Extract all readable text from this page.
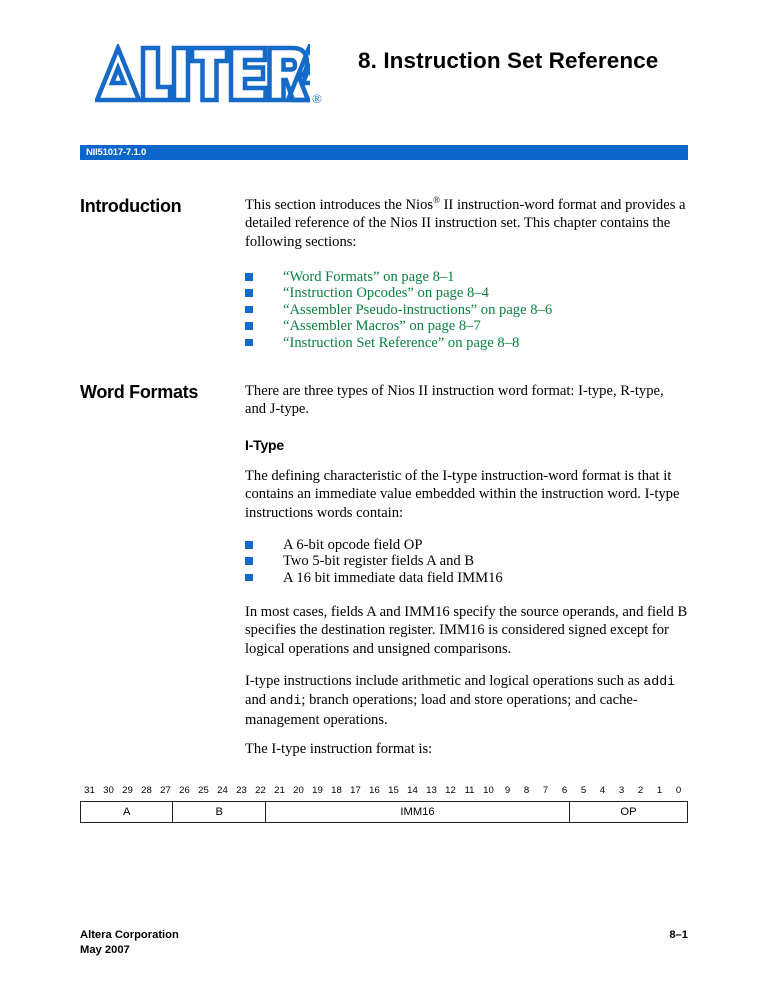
®
8. Instruction Set Reference
NII51017-7.1.0
Introduction	This section introduces the Nios® II instruction-word format and provides a detailed reference of the Nios II instruction set. This chapter contains the following sections:

“Word Formats” on page 8–1
“Instruction Opcodes” on page 8–4
“Assembler Pseudo-instructions” on page 8–6
“Assembler Macros” on page 8–7
“Instruction Set Reference” on page 8–8
Word Formats	There are three types of Nios II instruction word format: I-type, R-type, and J-type.

I-Type

The defining characteristic of the I-type instruction-word format is that it contains an immediate value embedded within the instruction word. I-type instructions words contain:

A 6-bit opcode field OP
Two 5-bit register fields A and B
A 16 bit immediate data field IMM16

In most cases, fields A and IMM16 specify the source operands, and field B specifies the destination register. IMM16 is considered signed except for logical operations and unsigned comparisons.

I-type instructions include arithmetic and logical operations such as addi and andi; branch operations; load and store operations; and cache-management operations.

The I-type instruction format is:

31 30 29 28 27 26 25 24 23 22 21 20 19 18 17 16 15 14 13 12 11 10	9	8	7	6	5	4	3	2	1	0
A	B	IMM16	OP
Altera Corporation
May 2007
8–1
